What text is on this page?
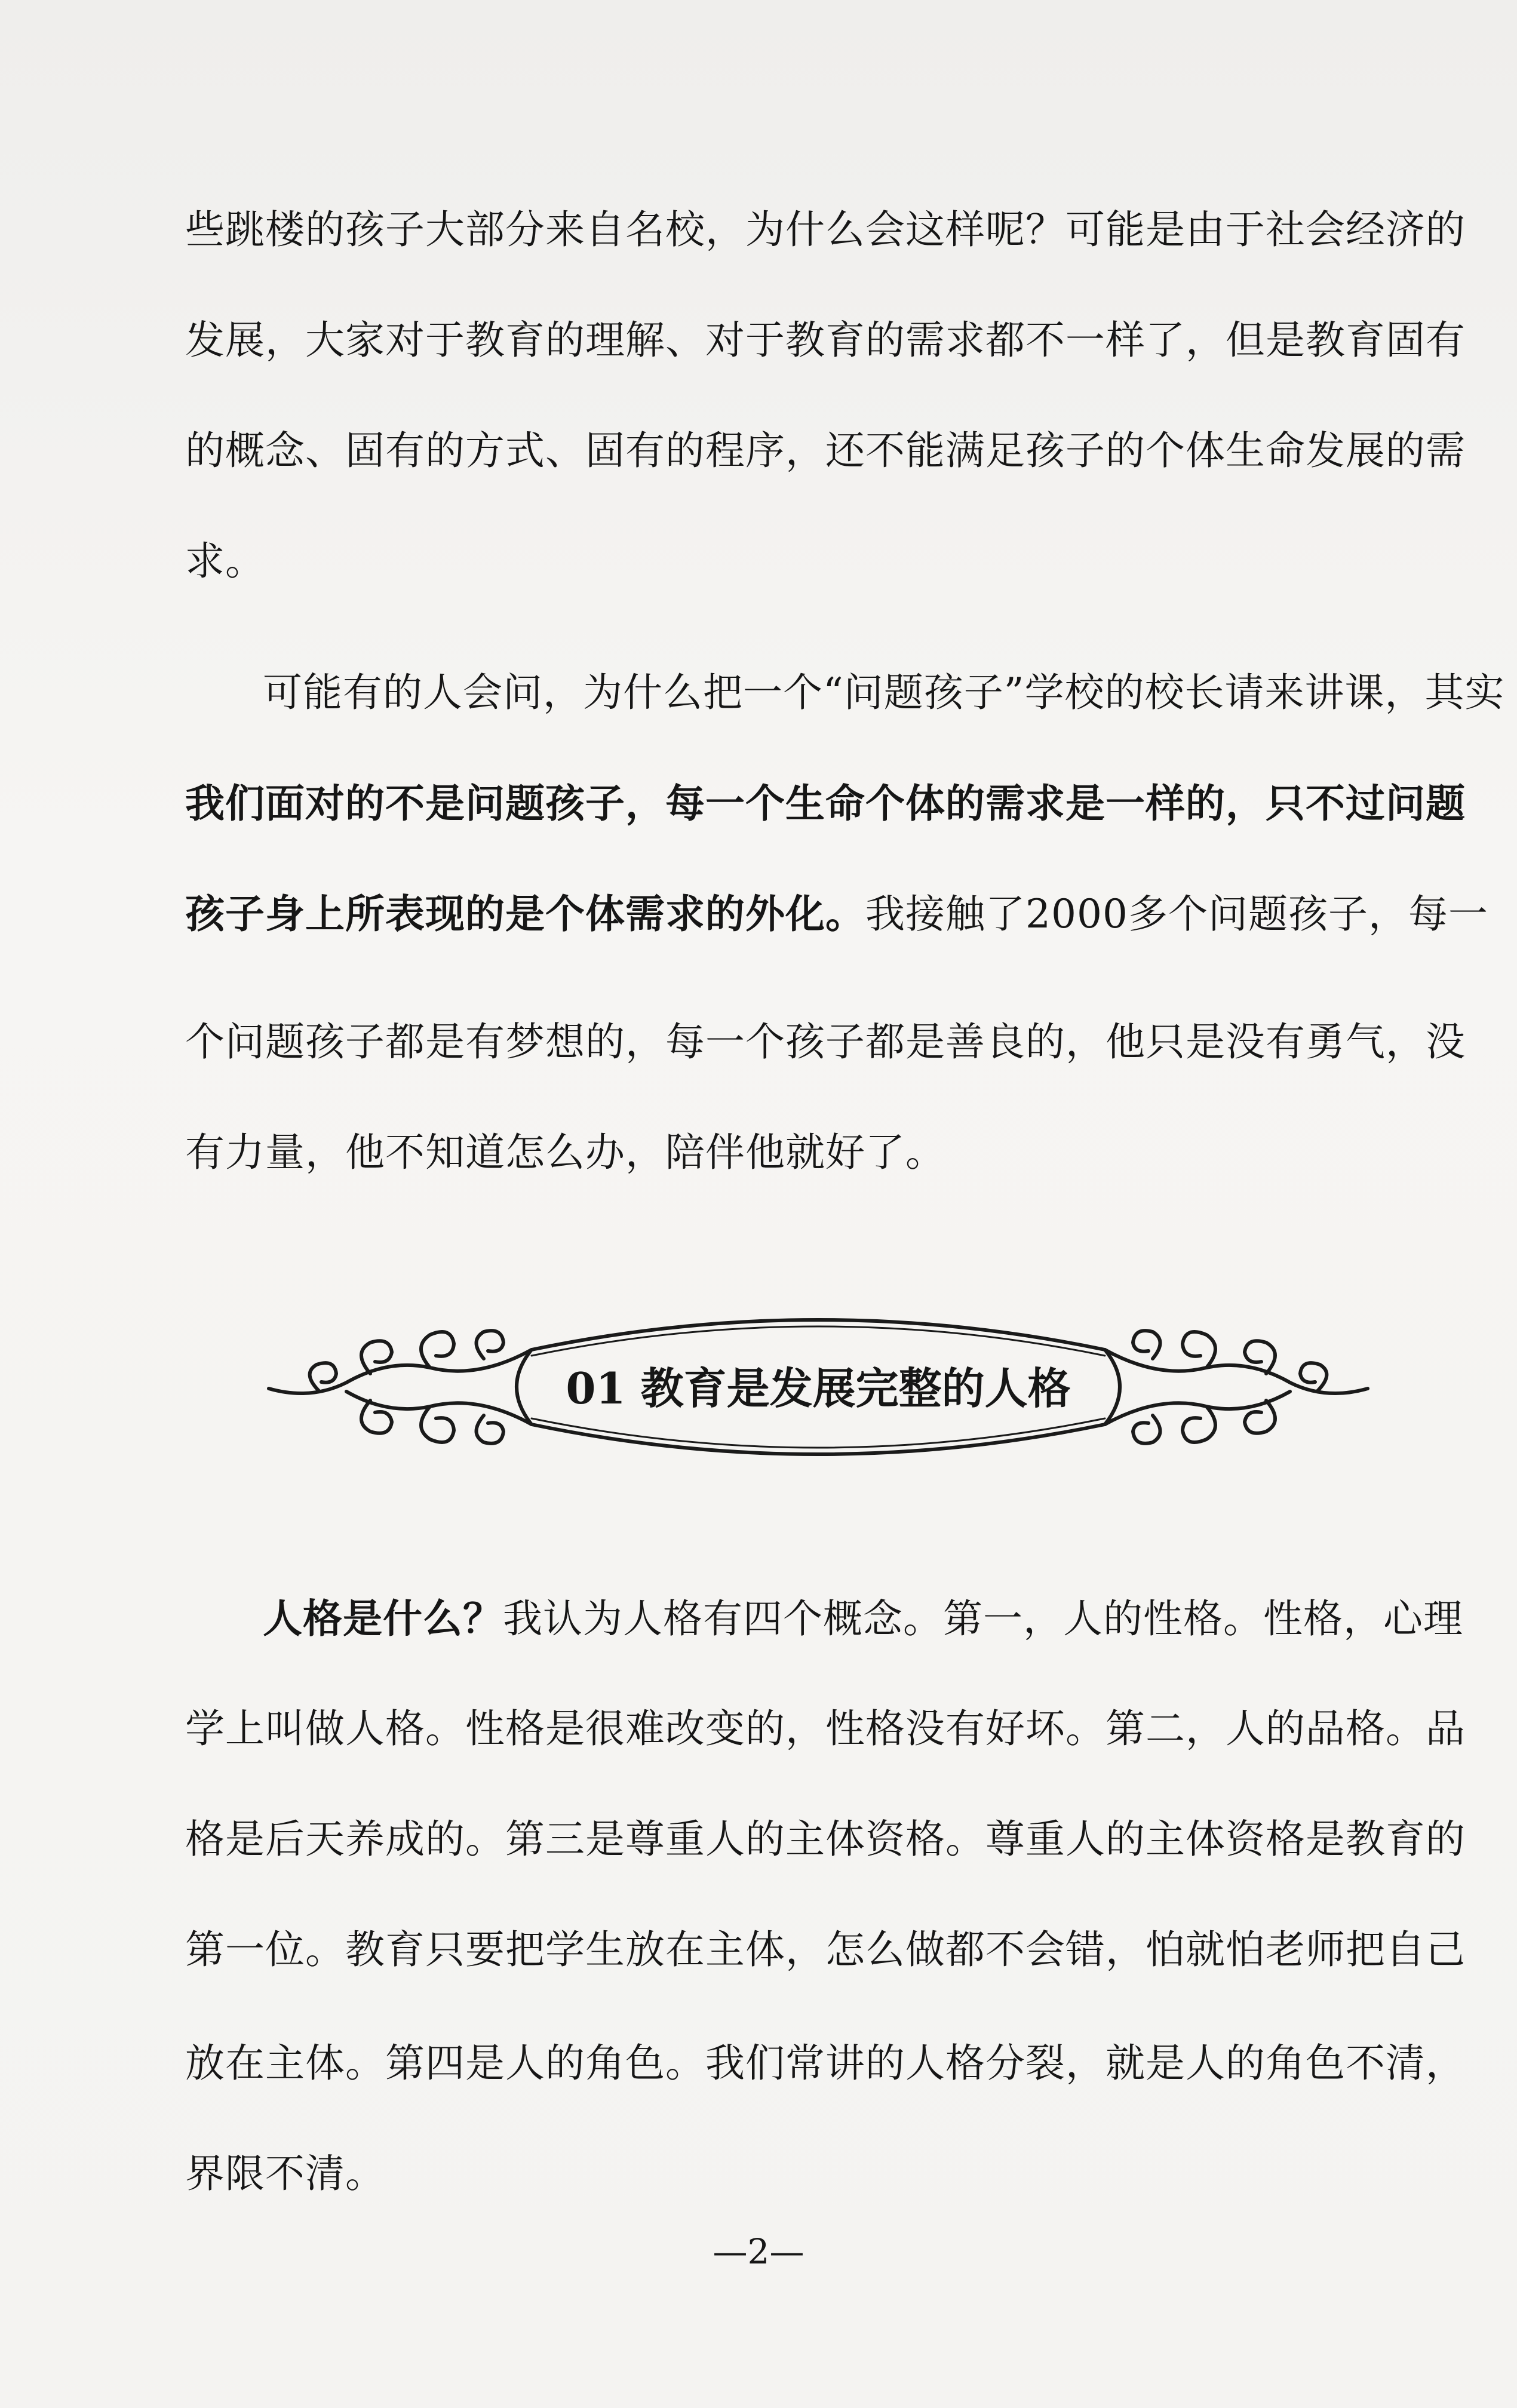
些跳楼的孩子大部分来自名校，为什么会这样呢？可能是由于社会经济的
发展，大家对于教育的理解、对于教育的需求都不一样了，但是教育固有
的概念、固有的方式、固有的程序，还不能满足孩子的个体生命发展的需
求。
可能有的人会问，为什么把一个“问题孩子”学校的校长请来讲课，其实
我们面对的不是问题孩子，每一个生命个体的需求是一样的，只不过问题
孩子身上所表现的是个体需求的外化。我接触了2000多个问题孩子，每一
个问题孩子都是有梦想的，每一个孩子都是善良的，他只是没有勇气，没
有力量，他不知道怎么办，陪伴他就好了。
01 教育是发展完整的人格
人格是什么？我认为人格有四个概念。第一，人的性格。性格，心理
学上叫做人格。性格是很难改变的，性格没有好坏。第二，人的品格。品
格是后天养成的。第三是尊重人的主体资格。尊重人的主体资格是教育的
第一位。教育只要把学生放在主体，怎么做都不会错，怕就怕老师把自己
放在主体。第四是人的角色。我们常讲的人格分裂，就是人的角色不清，
界限不清。
—2—
